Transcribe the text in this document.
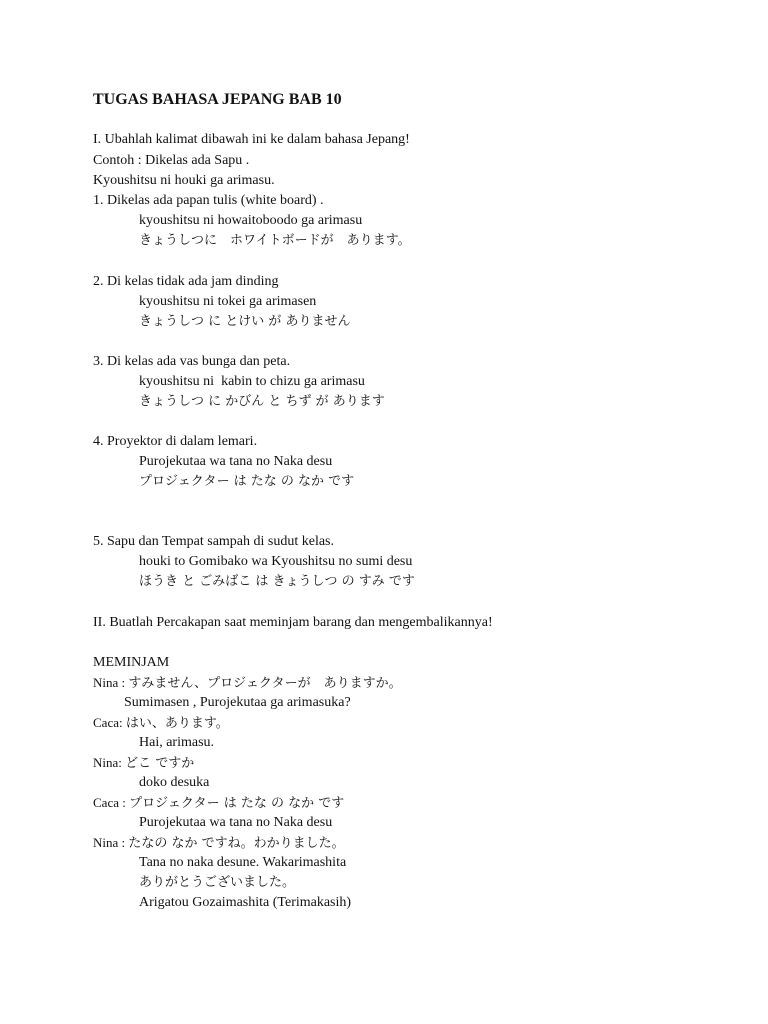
TUGAS BAHASA JEPANG BAB 10
I. Ubahlah kalimat dibawah ini ke dalam bahasa Jepang!
Contoh : Dikelas ada Sapu .
Kyoushitsu ni houki ga arimasu.
1. Dikelas ada papan tulis (white board) .
kyoushitsu ni howaitoboodo ga arimasu
きょうしつに　ホワイトボードが　あります。
2. Di kelas tidak ada jam dinding
kyoushitsu ni tokei ga arimasen
きょうしつ に とけい が ありません
3. Di kelas ada vas bunga dan peta.
kyoushitsu ni  kabin to chizu ga arimasu
きょうしつ に かびん と ちず が あります
4. Proyektor di dalam lemari.
Purojekutaa wa tana no Naka desu
プロジェクター は たな の なか です
5. Sapu dan Tempat sampah di sudut kelas.
houki to Gomibako wa Kyoushitsu no sumi desu
ほうき と ごみばこ は きょうしつ の すみ です
II. Buatlah Percakapan saat meminjam barang dan mengembalikannya!
MEMINJAM
Nina : すみません、プロジェクターが　ありますか。
Sumimasen , Purojekutaa ga arimasuka?
Caca: はい、あります。
Hai, arimasu.
Nina: どこ ですか
doko desuka
Caca : プロジェクター は たな の なか です
Purojekutaa wa tana no Naka desu
Nina : たなの なか ですね。わかりました。
Tana no naka desune. Wakarimashita
ありがとうございました。
Arigatou Gozaimashita (Terimakasih)
